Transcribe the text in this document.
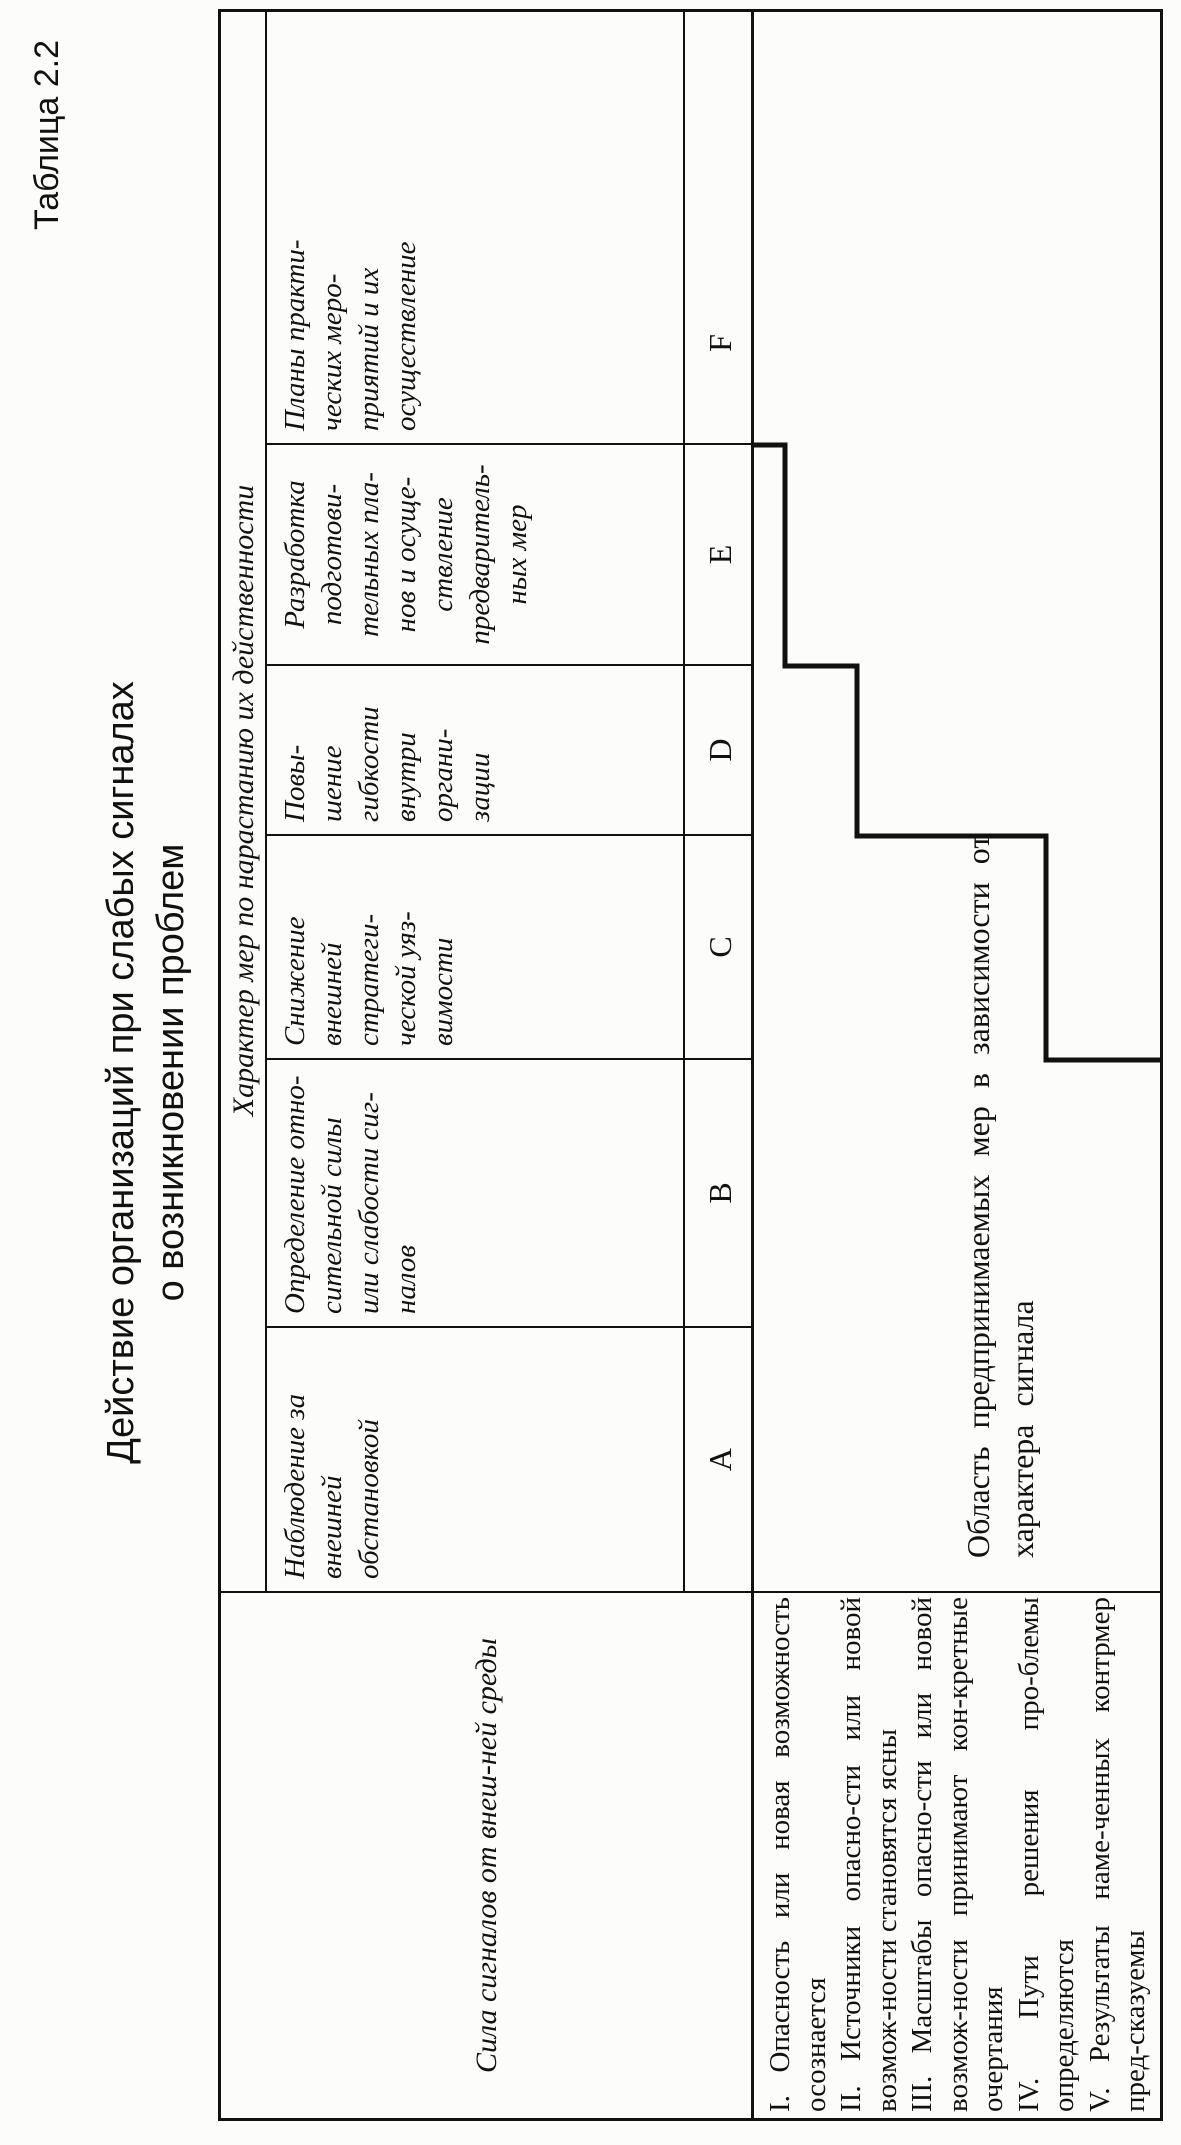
Таблица 2.2
Действие организаций при слабых сигналах о возникновении проблем
Сила сигналов от внеш-ней среды
Характер мер по нарастанию их действенности
Наблюдение за внешней обстановкой
Определение отно-сительной силы или слабости сиг-налов
Снижение внешней стратеги-ческой уяз-вимости
Повы-шение гибкости внутри органи-зации
Разработка подготови-тельных пла-нов и осуще-ствление предваритель-ных мер
Планы практи-ческих меро-приятий и их осуществление
A
B
C
D
E
F
I. Опасность или новая возможность осознается II. Источники опасно-сти или новой возмож-ности становятся ясны III. Масштабы опасно-сти или новой возмож-ности принимают кон-кретные очертания IV. Пути решения про-блемы определяются V. Результаты наме-ченных контрмер пред-сказуемы
Область предпринимаемых мер в зависимости от характера сигнала
